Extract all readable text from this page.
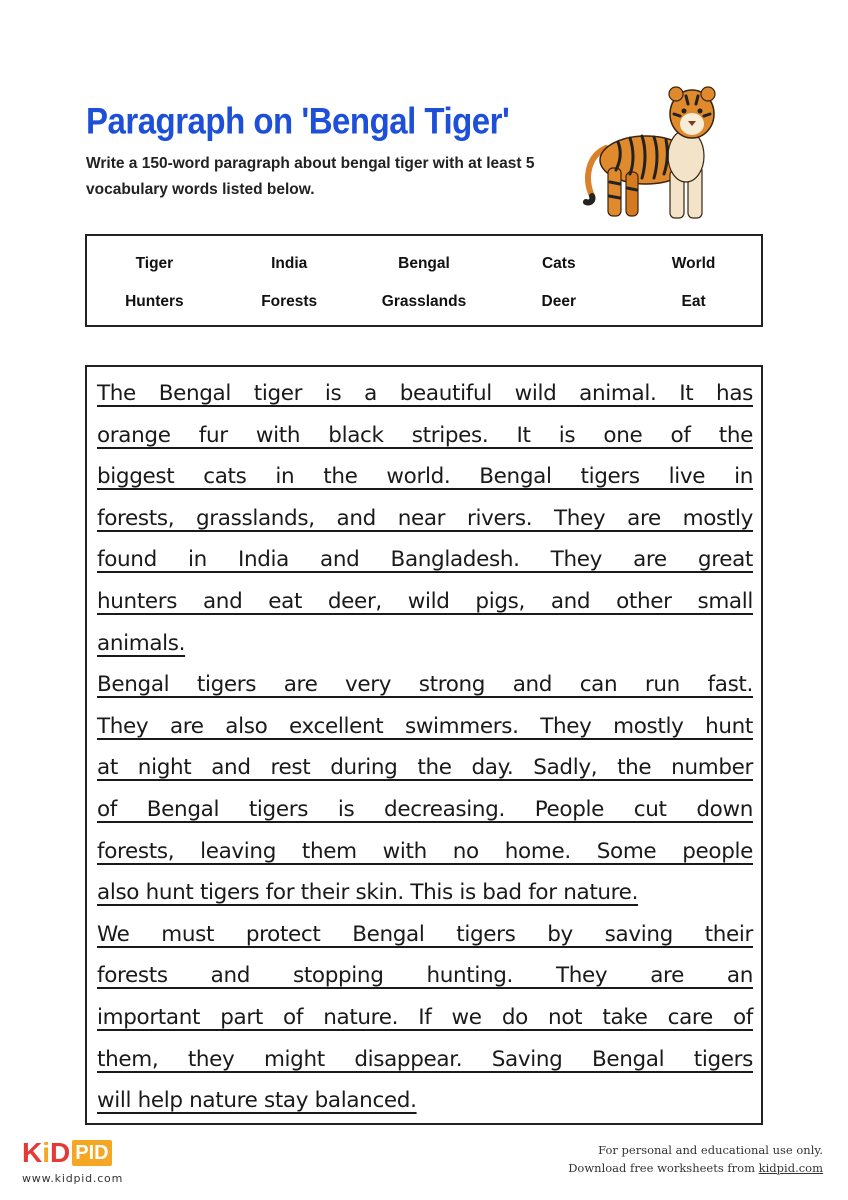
Paragraph on 'Bengal Tiger'

Write a 150-word paragraph about bengal tiger with at least 5 vocabulary words listed below.

Tiger	India	Bengal	Cats	World
Hunters	Forests	Grasslands	Deer	Eat
The Bengal tiger is a beautiful wild animal. It has
orange fur with black stripes. It is one of the
biggest cats in the world. Bengal tigers live in
forests, grasslands, and near rivers. They are mostly
found in India and Bangladesh. They are great
hunters and eat deer, wild pigs, and other small
animals.
Bengal tigers are very strong and can run fast.
They are also excellent swimmers. They mostly hunt
at night and rest during the day. Sadly, the number
of Bengal tigers is decreasing. People cut down
forests, leaving them with no home. Some people
also hunt tigers for their skin. This is bad for nature.
We must protect Bengal tigers by saving their
forests and stopping hunting. They are an
important part of nature. If we do not take care of
them, they might disappear. Saving Bengal tigers
will help nature stay balanced.
K i D PID
www.kidpid.com
For personal and educational use only.
Download free worksheets from kidpid.com
